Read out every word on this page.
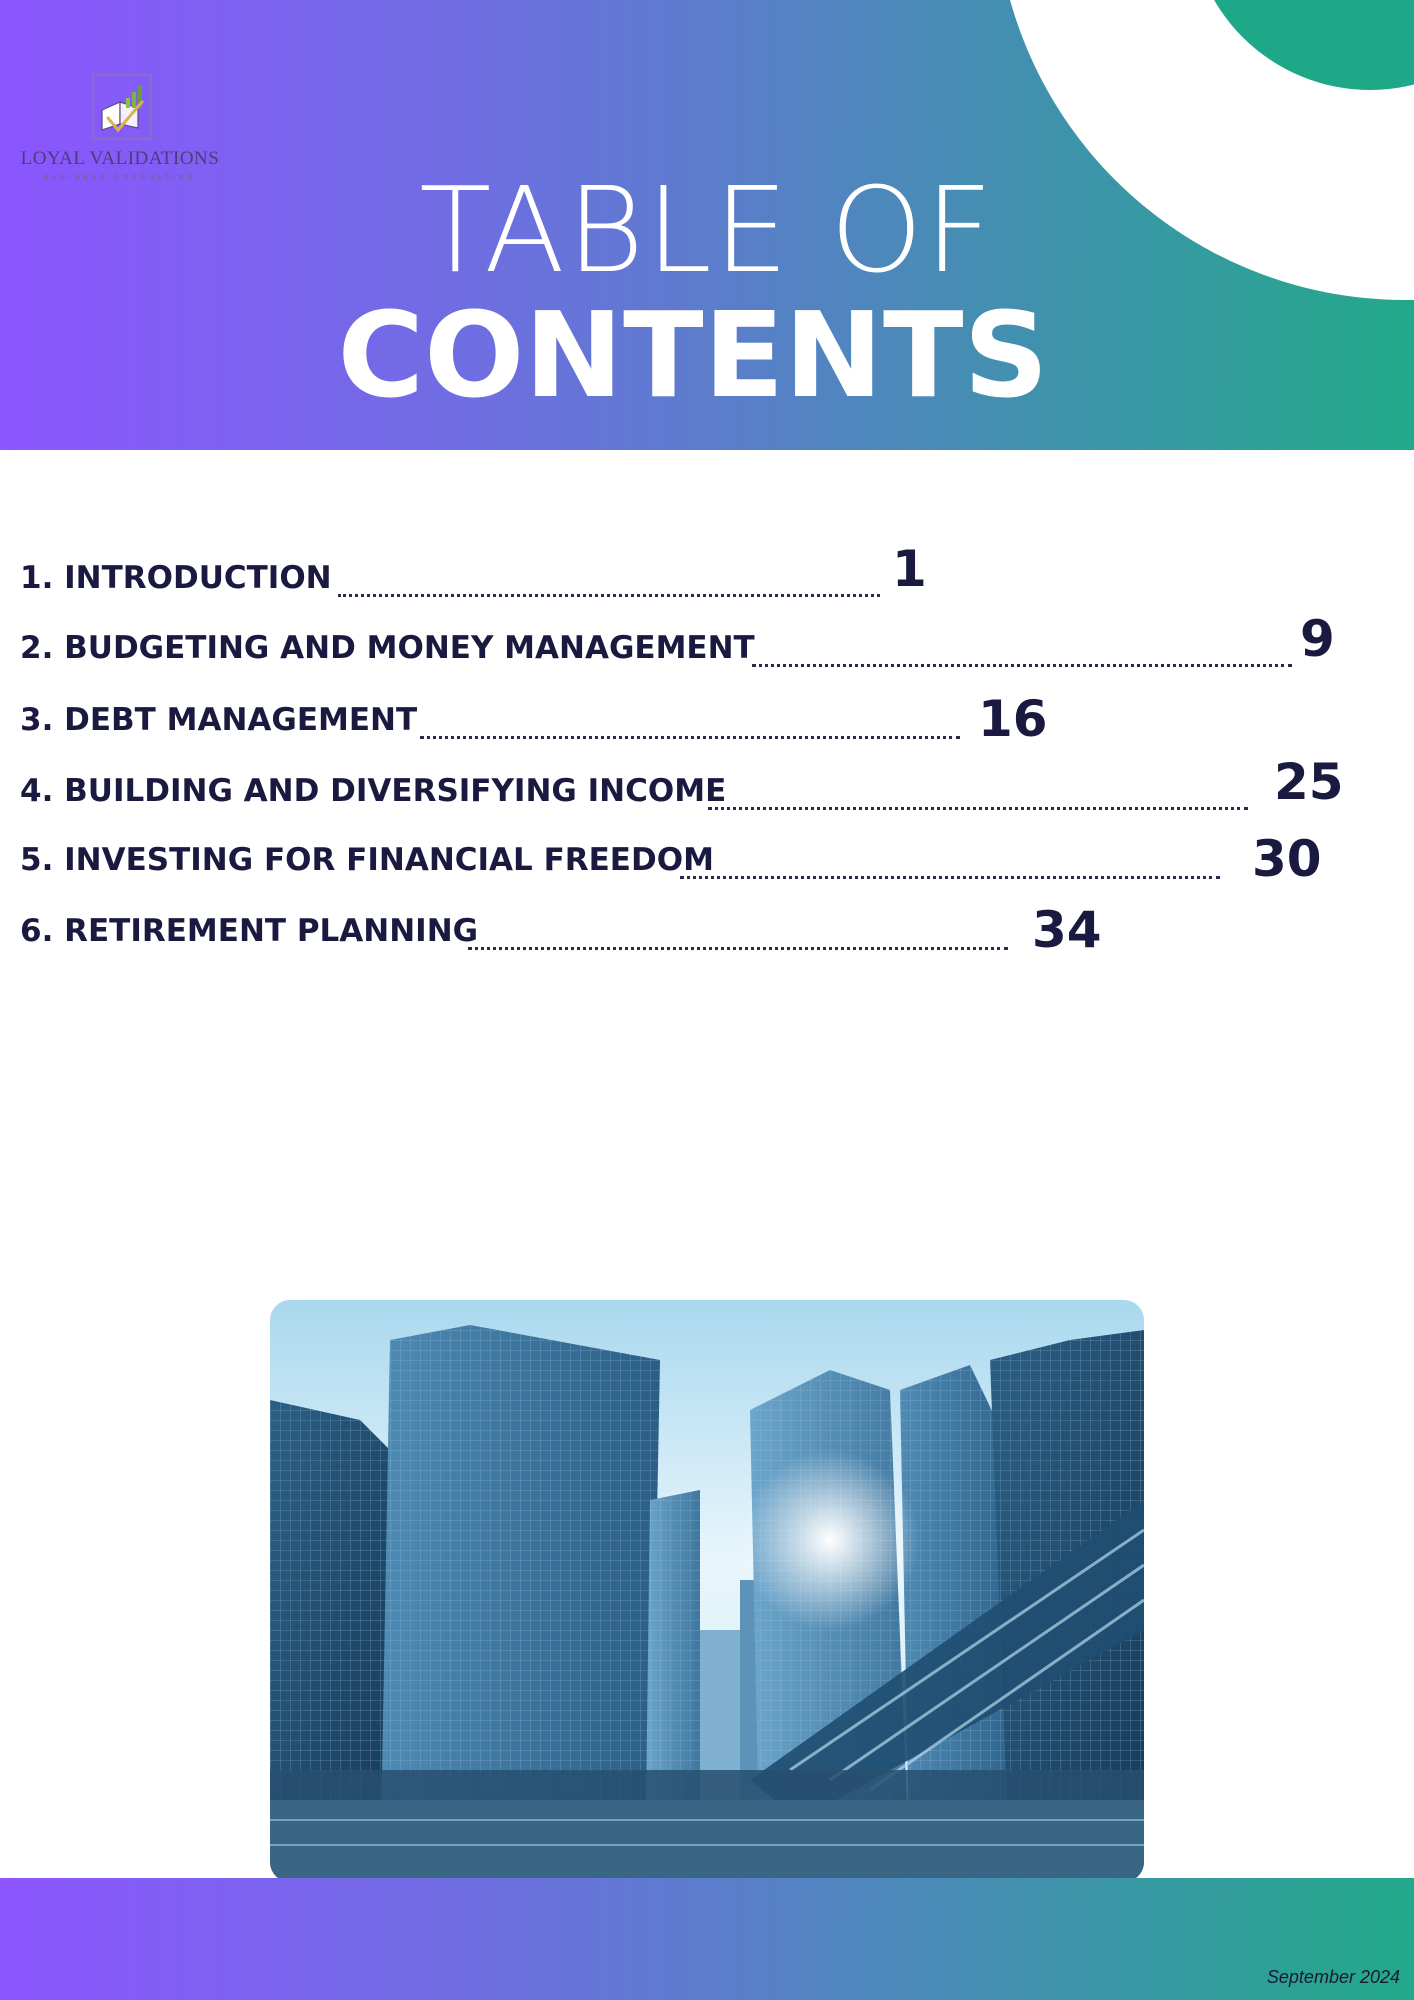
LOYAL VALIDATIONS
BUSINESS CONSULTING	TABLE OF
CONTENTS
1. INTRODUCTION	1
2. BUDGETING AND MONEY MANAGEMENT	9
3. DEBT MANAGEMENT	16
4. BUILDING AND DIVERSIFYING INCOME	25
5. INVESTING FOR FINANCIAL FREEDOM	30
6. RETIREMENT PLANNING	34
September 2024
